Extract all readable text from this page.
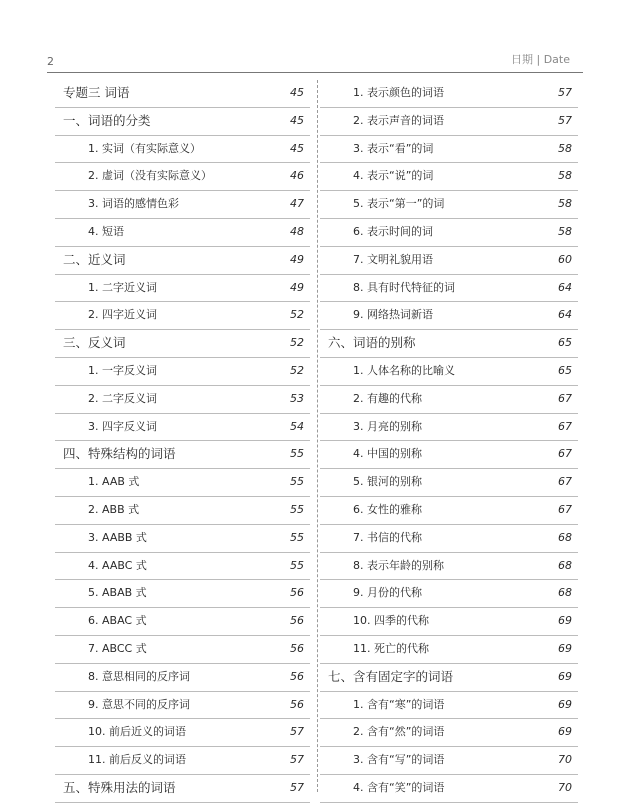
2	日期 | Date
专题三 词语	45
一、词语的分类	45
1. 实词（有实际意义）	45
2. 虚词（没有实际意义）	46
3. 词语的感情色彩	47
4. 短语	48
二、近义词	49
1. 二字近义词	49
2. 四字近义词	52
三、反义词	52
1. 一字反义词	52
2. 二字反义词	53
3. 四字反义词	54
四、特殊结构的词语	55
1. AAB 式	55
2. ABB 式	55
3. AABB 式	55
4. AABC 式	55
5. ABAB 式	56
6. ABAC 式	56
7. ABCC 式	56
8. 意思相同的反序词	56
9. 意思不同的反序词	56
10. 前后近义的词语	57
11. 前后反义的词语	57
五、特殊用法的词语	57
1. 表示颜色的词语	57
2. 表示声音的词语	57
3. 表示“看”的词	58
4. 表示“说”的词	58
5. 表示“第一”的词	58
6. 表示时间的词	58
7. 文明礼貌用语	60
8. 具有时代特征的词	64
9. 网络热词新语	64
六、词语的别称	65
1. 人体名称的比喻义	65
2. 有趣的代称	67
3. 月亮的别称	67
4. 中国的别称	67
5. 银河的别称	67
6. 女性的雅称	67
7. 书信的代称	68
8. 表示年龄的别称	68
9. 月份的代称	68
10. 四季的代称	69
11. 死亡的代称	69
七、含有固定字的词语	69
1. 含有“寒”的词语	69
2. 含有“然”的词语	69
3. 含有“写”的词语	70
4. 含有“笑”的词语	70
